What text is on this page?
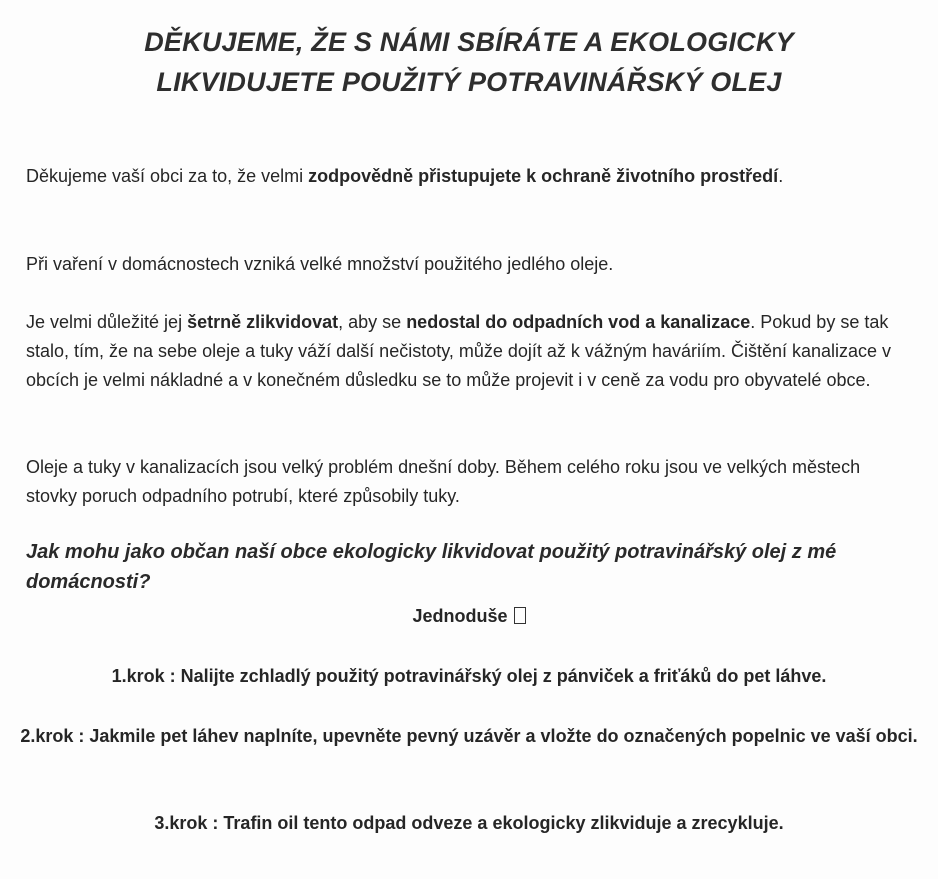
DĚKUJEME, ŽE S NÁMI SBÍRÁTE A EKOLOGICKY
LIKVIDUJETE POUŽITÝ POTRAVINÁŘSKÝ OLEJ

Děkujeme vaší obci za to, že velmi zodpovědně přistupujete k ochraně životního prostředí.

Při vaření v domácnostech vzniká velké množství použitého jedlého oleje.

Je velmi důležité jej šetrně zlikvidovat, aby se nedostal do odpadních vod a kanalizace. Pokud by se tak stalo, tím, že na sebe oleje a tuky váží další nečistoty, může dojít až k vážným haváriím. Čištění kanalizace v obcích je velmi nákladné a v konečném důsledku se to může projevit i v ceně za vodu pro obyvatelé obce.

Oleje a tuky v kanalizacích jsou velký problém dnešní doby. Během celého roku jsou ve velkých městech stovky poruch odpadního potrubí, které způsobily tuky.

Jak mohu jako občan naší obce ekologicky likvidovat použitý potravinářský olej z mé domácnosti?

Jednoduše

1.krok : Nalijte zchladlý použitý potravinářský olej z pánviček a friťáků do pet láhve.

2.krok : Jakmile pet láhev naplníte, upevněte pevný uzávěr a vložte do označených popelnic ve vaší obci.

3.krok : Trafin oil tento odpad odveze a ekologicky zlikviduje a zrecykluje.
